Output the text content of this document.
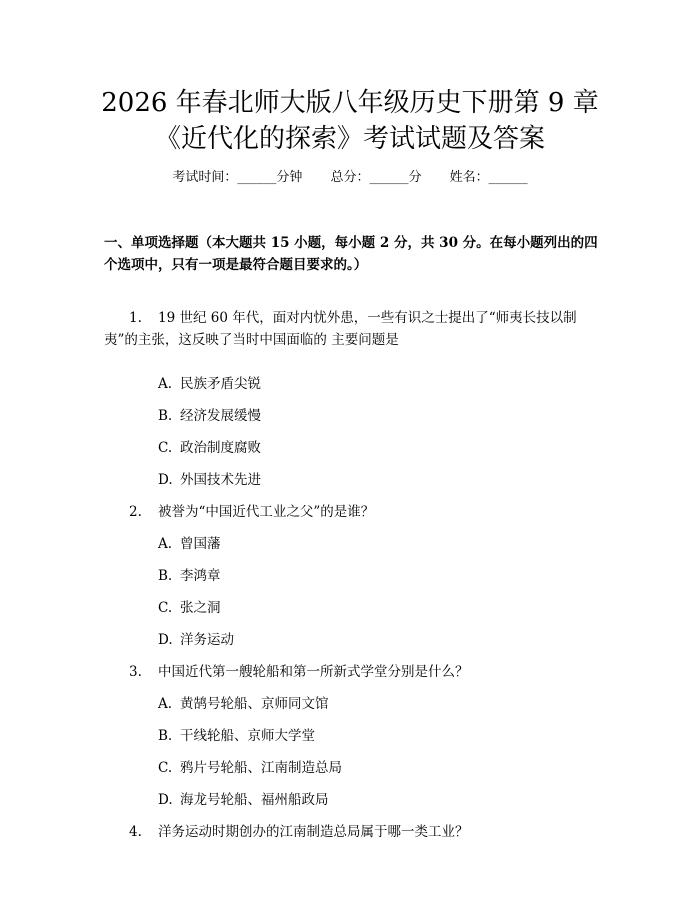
2026 年春北师大版八年级历史下册第 9 章
《近代化的探索》考试试题及答案
考试时间：______分钟 总分：______分 姓名：______
一、单项选择题（本大题共 15 小题，每小题 2 分，共 30 分。在每小题列出的四个选项中，只有一项是最符合题目要求的。）
1. 19 世纪 60 年代，面对内忧外患，一些有识之士提出了“师夷长技以制
夷”的主张，这反映了当时中国面临的 主要问题是
A. 民族矛盾尖锐
B. 经济发展缓慢
C. 政治制度腐败
D. 外国技术先进
2. 被誉为“中国近代工业之父”的是谁？
A. 曾国藩
B. 李鸿章
C. 张之洞
D. 洋务运动
3. 中国近代第一艘轮船和第一所新式学堂分别是什么？
A. 黄鹄号轮船、京师同文馆
B. 干线轮船、京师大学堂
C. 鸦片号轮船、江南制造总局
D. 海龙号轮船、福州船政局
4. 洋务运动时期创办的江南制造总局属于哪一类工业？
